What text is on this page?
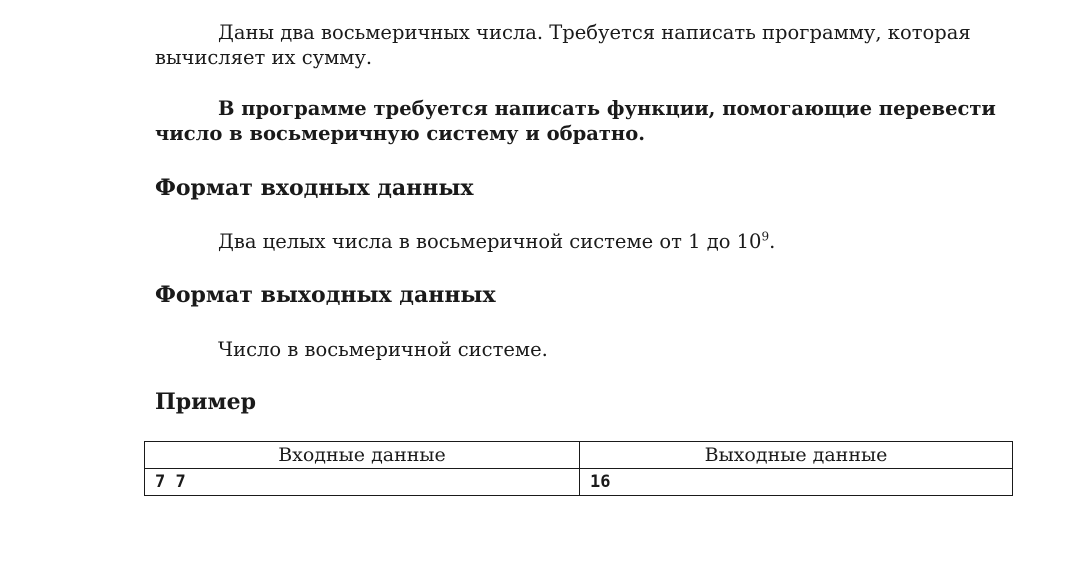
Даны два восьмеричных числа. Требуется написать программу, которая вычисляет их сумму.

В программе требуется написать функции, помогающие перевести число в восьмеричную систему и обратно.

Формат входных данных

Два целых числа в восьмеричной системе от 1 до $10^9$.

Формат выходных данных

Число в восьмеричной системе.

Пример
Входные данные	Выходные данные
7 7	16
